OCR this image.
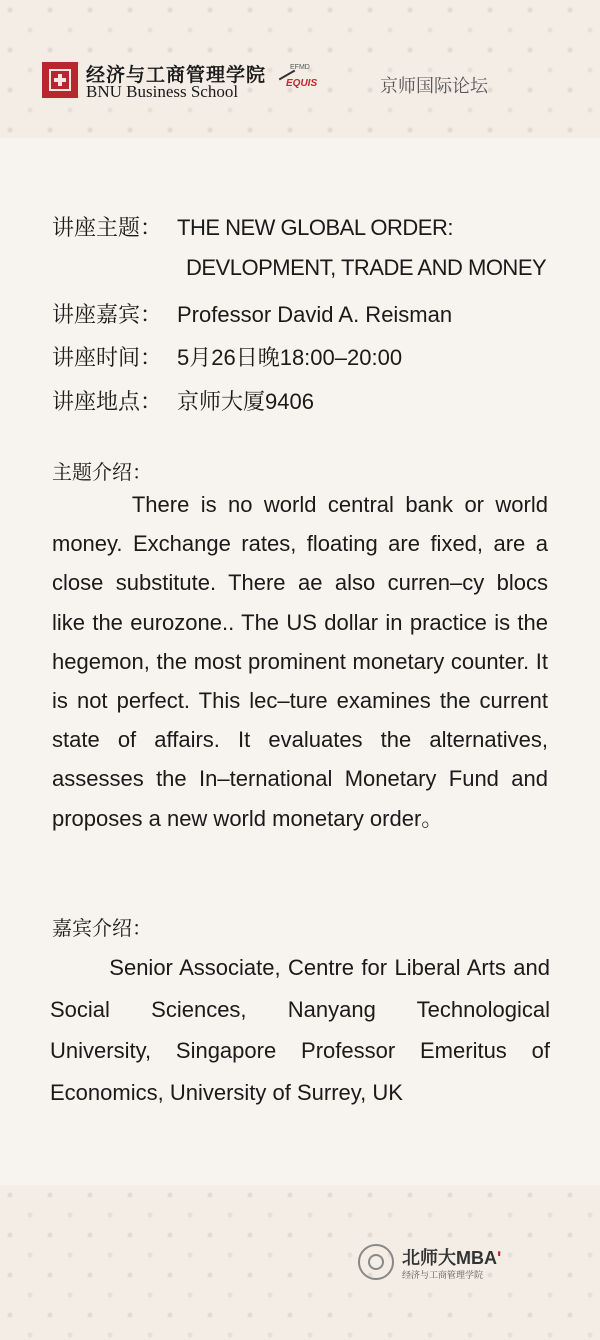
经济与工商管理学院
BNU Business School
EFMD
EQUIS	京师国际论坛
讲座主题： THE NEW GLOBAL ORDER:
DEVLOPMENT, TRADE AND MONEY
讲座嘉宾： Professor David A. Reisman
讲座时间： 5月26日晚18:00–20:00
讲座地点： 京师大厦9406
主题介绍：

There is no world central bank or world money. Exchange rates, floating are fixed, are a close substitute. There ae also curren–cy blocs like the eurozone.. The US dollar in practice is the hegemon, the most prominent monetary counter. It is not perfect. This lec–ture examines the current state of affairs. It evaluates the alternatives, assesses the In–ternational Monetary Fund and proposes a new world monetary order。

嘉宾介绍：

Senior Associate, Centre for Liberal Arts and Social Sciences, Nanyang Technological University, Singapore Professor Emeritus of Economics, University of Surrey, UK

北师大MBAʹ
经济与工商管理学院
